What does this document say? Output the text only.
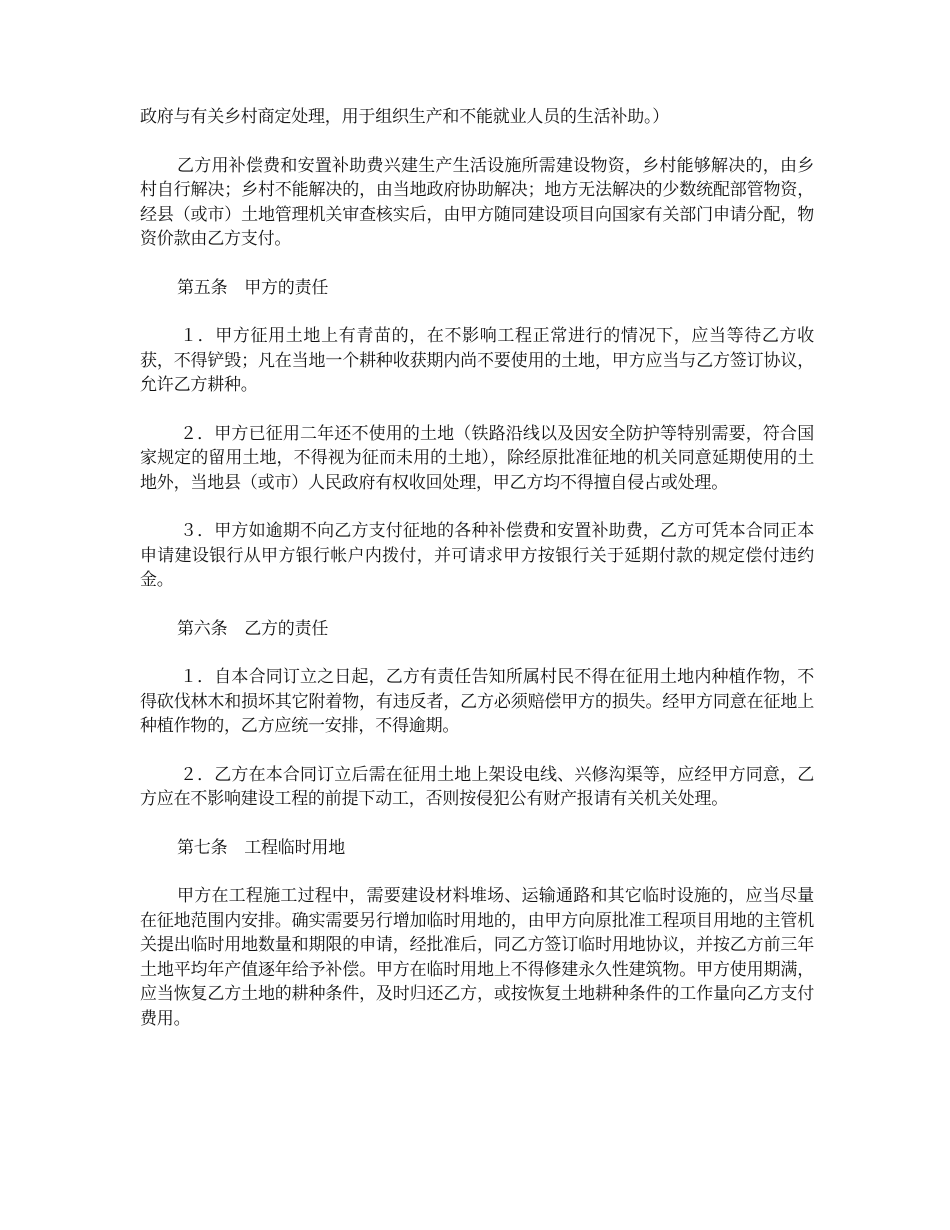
政府与有关乡村商定处理，用于组织生产和不能就业人员的生活补助。）

乙方用补偿费和安置补助费兴建生产生活设施所需建设物资，乡村能够解决的，由乡村自行解决；乡村不能解决的，由当地政府协助解决；地方无法解决的少数统配部管物资，经县（或市）土地管理机关审查核实后，由甲方随同建设项目向国家有关部门申请分配，物资价款由乙方支付。

第五条　甲方的责任

１．甲方征用土地上有青苗的，在不影响工程正常进行的情况下，应当等待乙方收获，不得铲毁；凡在当地一个耕种收获期内尚不要使用的土地，甲方应当与乙方签订协议，允许乙方耕种。

２．甲方已征用二年还不使用的土地（铁路沿线以及因安全防护等特别需要，符合国家规定的留用土地，不得视为征而未用的土地），除经原批准征地的机关同意延期使用的土地外，当地县（或市）人民政府有权收回处理，甲乙方均不得擅自侵占或处理。

３．甲方如逾期不向乙方支付征地的各种补偿费和安置补助费，乙方可凭本合同正本申请建设银行从甲方银行帐户内拨付，并可请求甲方按银行关于延期付款的规定偿付违约金。

第六条　乙方的责任

１．自本合同订立之日起，乙方有责任告知所属村民不得在征用土地内种植作物，不得砍伐林木和损坏其它附着物，有违反者，乙方必须赔偿甲方的损失。经甲方同意在征地上种植作物的，乙方应统一安排，不得逾期。

２．乙方在本合同订立后需在征用土地上架设电线、兴修沟渠等，应经甲方同意，乙方应在不影响建设工程的前提下动工，否则按侵犯公有财产报请有关机关处理。

第七条　工程临时用地

甲方在工程施工过程中，需要建设材料堆场、运输通路和其它临时设施的，应当尽量在征地范围内安排。确实需要另行增加临时用地的，由甲方向原批准工程项目用地的主管机关提出临时用地数量和期限的申请，经批准后，同乙方签订临时用地协议，并按乙方前三年土地平均年产值逐年给予补偿。甲方在临时用地上不得修建永久性建筑物。甲方使用期满，应当恢复乙方土地的耕种条件，及时归还乙方，或按恢复土地耕种条件的工作量向乙方支付费用。
